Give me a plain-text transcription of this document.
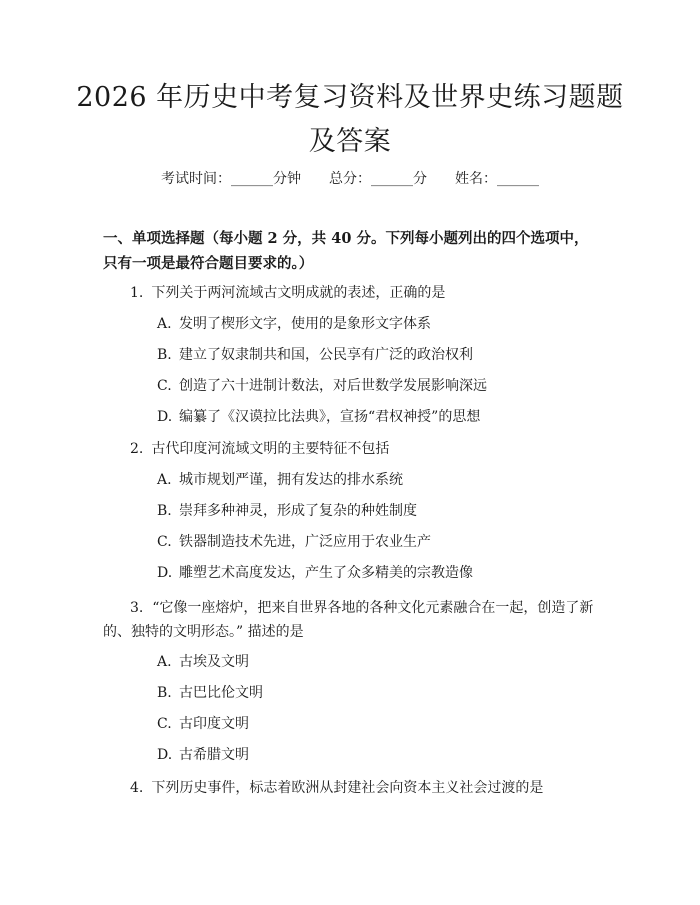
2026 年历史中考复习资料及世界史练习题题
及答案
考试时间：______分钟 总分：______分 姓名：______
一、单项选择题（每小题 2 分，共 40 分。下列每小题列出的四个选项中，只有一项是最符合题目要求的。）
1. 下列关于两河流域古文明成就的表述，正确的是
A. 发明了楔形文字，使用的是象形文字体系
B. 建立了奴隶制共和国，公民享有广泛的政治权利
C. 创造了六十进制计数法，对后世数学发展影响深远
D. 编纂了《汉谟拉比法典》，宣扬“君权神授”的思想
2. 古代印度河流域文明的主要特征不包括
A. 城市规划严谨，拥有发达的排水系统
B. 崇拜多种神灵，形成了复杂的种姓制度
C. 铁器制造技术先进，广泛应用于农业生产
D. 雕塑艺术高度发达，产生了众多精美的宗教造像
3. “它像一座熔炉，把来自世界各地的各种文化元素融合在一起，创造了新的、独特的文明形态。” 描述的是
A. 古埃及文明
B. 古巴比伦文明
C. 古印度文明
D. 古希腊文明
4. 下列历史事件，标志着欧洲从封建社会向资本主义社会过渡的是
